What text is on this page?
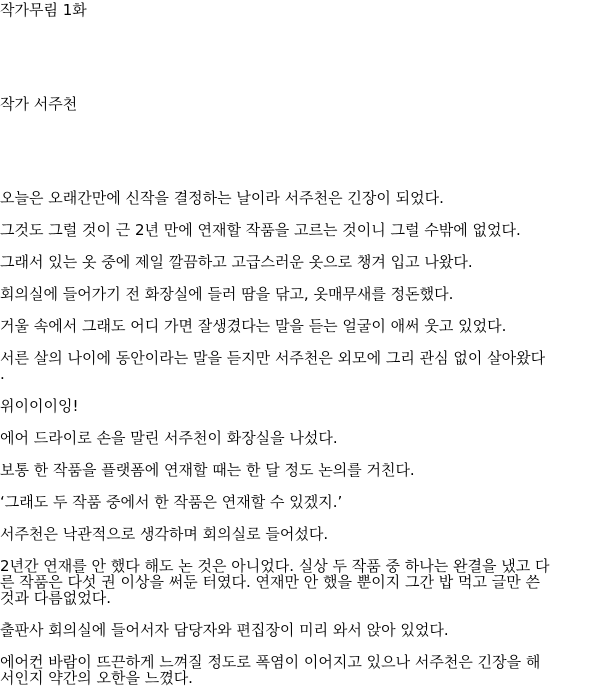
작가무림 1화
작가 서주천

오늘은 오래간만에 신작을 결정하는 날이라 서주천은 긴장이 되었다.

그것도 그럴 것이 근 2년 만에 연재할 작품을 고르는 것이니 그럴 수밖에 없었다.

그래서 있는 옷 중에 제일 깔끔하고 고급스러운 옷으로 챙겨 입고 나왔다.

회의실에 들어가기 전 화장실에 들러 땀을 닦고, 옷매무새를 정돈했다.

거울 속에서 그래도 어디 가면 잘생겼다는 말을 듣는 얼굴이 애써 웃고 있었다.

서른 살의 나이에 동안이라는 말을 듣지만 서주천은 외모에 그리 관심 없이 살아왔다
.

위이이이잉!

에어 드라이로 손을 말린 서주천이 화장실을 나섰다.

보통 한 작품을 플랫폼에 연재할 때는 한 달 정도 논의를 거친다.

‘그래도 두 작품 중에서 한 작품은 연재할 수 있겠지.’

서주천은 낙관적으로 생각하며 회의실로 들어섰다.

2년간 연재를 안 했다 해도 논 것은 아니었다. 실상 두 작품 중 하나는 완결을 냈고 다
른 작품은 다섯 권 이상을 써둔 터였다. 연재만 안 했을 뿐이지 그간 밥 먹고 글만 쓴
것과 다름없었다.

출판사 회의실에 들어서자 담당자와 편집장이 미리 와서 앉아 있었다.

에어컨 바람이 뜨끈하게 느껴질 정도로 폭염이 이어지고 있으나 서주천은 긴장을 해
서인지 약간의 오한을 느꼈다.
